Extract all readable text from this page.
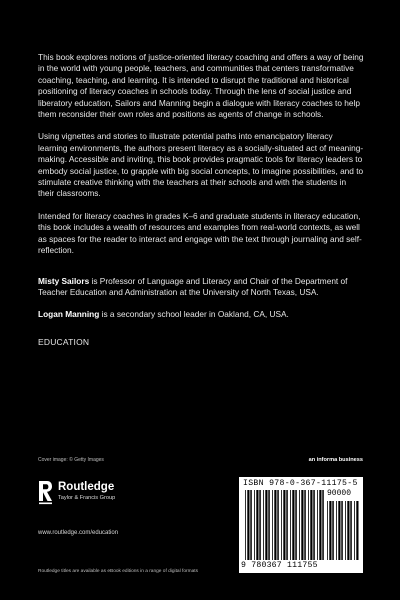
This book explores notions of justice-oriented literacy coaching and offers a way of being in the world with young people, teachers, and communities that centers transformative coaching, teaching, and learning. It is intended to disrupt the traditional and historical positioning of literacy coaches in schools today. Through the lens of social justice and liberatory education, Sailors and Manning begin a dialogue with literacy coaches to help them reconsider their own roles and positions as agents of change in schools.

Using vignettes and stories to illustrate potential paths into emancipatory literacy learning environments, the authors present literacy as a socially-situated act of meaning-making. Accessible and inviting, this book provides pragmatic tools for literacy leaders to embody social justice, to grapple with big social concepts, to imagine possibilities, and to stimulate creative thinking with the teachers at their schools and with the students in their classrooms.

Intended for literacy coaches in grades K–6 and graduate students in literacy education, this book includes a wealth of resources and examples from real-world contexts, as well as spaces for the reader to interact and engage with the text through journaling and self-reflection.

Misty Sailors is Professor of Language and Literacy and Chair of the Department of Teacher Education and Administration at the University of North Texas, USA.

Logan Manning is a secondary school leader in Oakland, CA, USA.

EDUCATION
Cover image: © Getty Images	an informa business
Routledge
Taylor & Francis Group
www.routledge.com/education
Routledge titles are available as eBook editions in a range of digital formats
ISBN 978-0-367-11175-5
90000
9 780367 111755
